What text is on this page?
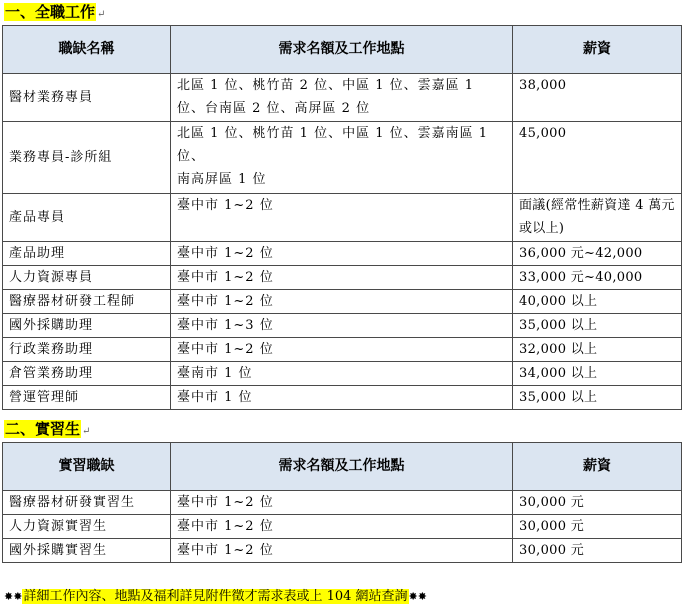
一、全職工作 ↵
職缺名稱	需求名額及工作地點	薪資
醫材業務專員	北區 1 位、桃竹苗 2 位、中區 1 位、雲嘉區 1 位、台南區 2 位、高屏區 2 位	38,000
業務專員-診所組	北區 1 位、桃竹苗 1 位、中區 1 位、雲嘉南區 1 位、
南高屏區 1 位	45,000
產品專員	臺中市 1~2 位	面議(經常性薪資達 4 萬元或以上)
產品助理	臺中市 1~2 位	36,000 元~42,000
人力資源專員	臺中市 1~2 位	33,000 元~40,000
醫療器材研發工程師	臺中市 1~2 位	40,000 以上
國外採購助理	臺中市 1~3 位	35,000 以上
行政業務助理	臺中市 1~2 位	32,000 以上
倉管業務助理	臺南市 1 位	34,000 以上
營運管理師	臺中市 1 位	35,000 以上
二、實習生 ↵
實習職缺	需求名額及工作地點	薪資
醫療器材研發實習生	臺中市 1~2 位	30,000 元
人力資源實習生	臺中市 1~2 位	30,000 元
國外採購實習生	臺中市 1~2 位	30,000 元
✸✸詳細工作內容、地點及福利詳見附件徵才需求表或上 104 網站查詢✸✸
